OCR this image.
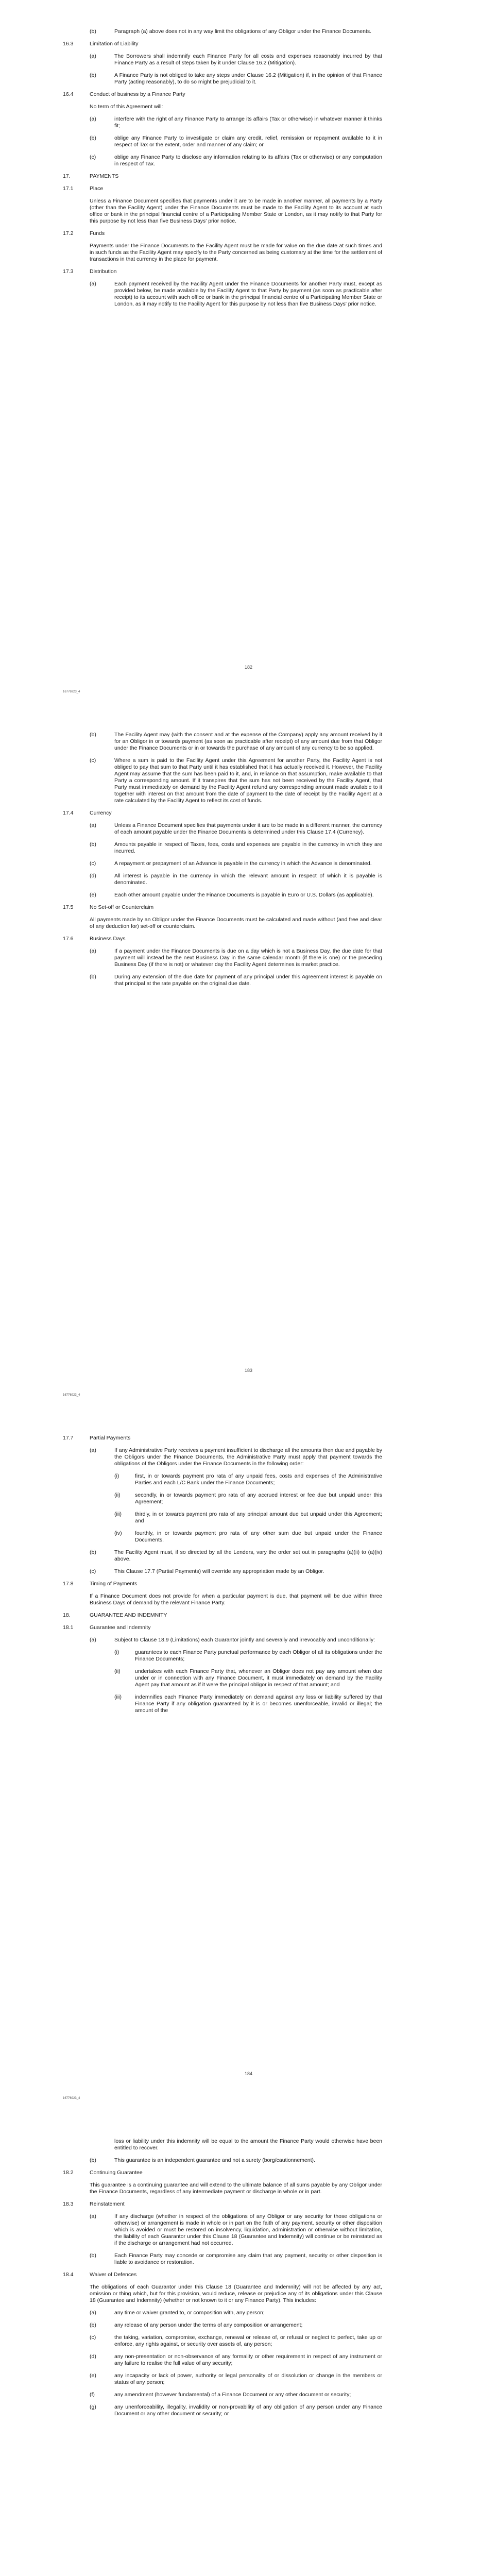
(b)	Paragraph (a) above does not in any way limit the obligations of any Obligor under the Finance Documents.
16.3	Limitation of Liability
(a)	The Borrowers shall indemnify each Finance Party for all costs and expenses reasonably incurred by that Finance Party as a result of steps taken by it under Clause 16.2 (Mitigation).
(b)	A Finance Party is not obliged to take any steps under Clause 16.2 (Mitigation) if, in the opinion of that Finance Party (acting reasonably), to do so might be prejudicial to it.
16.4	Conduct of business by a Finance Party
No term of this Agreement will:
(a)	interfere with the right of any Finance Party to arrange its affairs (Tax or otherwise) in whatever manner it thinks fit;
(b)	oblige any Finance Party to investigate or claim any credit, relief, remission or repayment available to it in respect of Tax or the extent, order and manner of any claim; or
(c)	oblige any Finance Party to disclose any information relating to its affairs (Tax or otherwise) or any computation in respect of Tax.
17.	PAYMENTS
17.1	Place
Unless a Finance Document specifies that payments under it are to be made in another manner, all payments by a Party (other than the Facility Agent) under the Finance Documents must be made to the Facility Agent to its account at such office or bank in the principal financial centre of a Participating Member State or London, as it may notify to that Party for this purpose by not less than five Business Days' prior notice.
17.2	Funds
Payments under the Finance Documents to the Facility Agent must be made for value on the due date at such times and in such funds as the Facility Agent may specify to the Party concerned as being customary at the time for the settlement of transactions in that currency in the place for payment.
17.3	Distribution
(a)	Each payment received by the Facility Agent under the Finance Documents for another Party must, except as provided below, be made available by the Facility Agent to that Party by payment (as soon as practicable after receipt) to its account with such office or bank in the principal financial centre of a Participating Member State or London, as it may notify to the Facility Agent for this purpose by not less than five Business Days' prior notice.
182
16776923_4
(b)	The Facility Agent may (with the consent and at the expense of the Company) apply any amount received by it for an Obligor in or towards payment (as soon as practicable after receipt) of any amount due from that Obligor under the Finance Documents or in or towards the purchase of any amount of any currency to be so applied.
(c)	Where a sum is paid to the Facility Agent under this Agreement for another Party, the Facility Agent is not obliged to pay that sum to that Party until it has established that it has actually received it. However, the Facility Agent may assume that the sum has been paid to it, and, in reliance on that assumption, make available to that Party a corresponding amount. If it transpires that the sum has not been received by the Facility Agent, that Party must immediately on demand by the Facility Agent refund any corresponding amount made available to it together with interest on that amount from the date of payment to the date of receipt by the Facility Agent at a rate calculated by the Facility Agent to reflect its cost of funds.
17.4	Currency
(a)	Unless a Finance Document specifies that payments under it are to be made in a different manner, the currency of each amount payable under the Finance Documents is determined under this Clause 17.4 (Currency).
(b)	Amounts payable in respect of Taxes, fees, costs and expenses are payable in the currency in which they are incurred.
(c)	A repayment or prepayment of an Advance is payable in the currency in which the Advance is denominated.
(d)	All interest is payable in the currency in which the relevant amount in respect of which it is payable is denominated.
(e)	Each other amount payable under the Finance Documents is payable in Euro or U.S. Dollars (as applicable).
17.5	No Set-off or Counterclaim
All payments made by an Obligor under the Finance Documents must be calculated and made without (and free and clear of any deduction for) set-off or counterclaim.
17.6	Business Days
(a)	If a payment under the Finance Documents is due on a day which is not a Business Day, the due date for that payment will instead be the next Business Day in the same calendar month (if there is one) or the preceding Business Day (if there is not) or whatever day the Facility Agent determines is market practice.
(b)	During any extension of the due date for payment of any principal under this Agreement interest is payable on that principal at the rate payable on the original due date.
183
16776923_4
17.7	Partial Payments
(a)	If any Administrative Party receives a payment insufficient to discharge all the amounts then due and payable by the Obligors under the Finance Documents, the Administrative Party must apply that payment towards the obligations of the Obligors under the Finance Documents in the following order:
(i)	first, in or towards payment pro rata of any unpaid fees, costs and expenses of the Administrative Parties and each L/C Bank under the Finance Documents;
(ii)	secondly, in or towards payment pro rata of any accrued interest or fee due but unpaid under this Agreement;
(iii)	thirdly, in or towards payment pro rata of any principal amount due but unpaid under this Agreement; and
(iv)	fourthly, in or towards payment pro rata of any other sum due but unpaid under the Finance Documents.
(b)	The Facility Agent must, if so directed by all the Lenders, vary the order set out in paragraphs (a)(ii) to (a)(iv) above.
(c)	This Clause 17.7 (Partial Payments) will override any appropriation made by an Obligor.
17.8	Timing of Payments
If a Finance Document does not provide for when a particular payment is due, that payment will be due within three Business Days of demand by the relevant Finance Party.
18.	GUARANTEE AND INDEMNITY
18.1	Guarantee and Indemnity
(a)	Subject to Clause 18.9 (Limitations) each Guarantor jointly and severally and irrevocably and unconditionally:
(i)	guarantees to each Finance Party punctual performance by each Obligor of all its obligations under the Finance Documents;
(ii)	undertakes with each Finance Party that, whenever an Obligor does not pay any amount when due under or in connection with any Finance Document, it must immediately on demand by the Facility Agent pay that amount as if it were the principal obligor in respect of that amount; and
(iii)	indemnifies each Finance Party immediately on demand against any loss or liability suffered by that Finance Party if any obligation guaranteed by it is or becomes unenforceable, invalid or illegal; the amount of the
184
16776923_4
loss or liability under this indemnity will be equal to the amount the Finance Party would otherwise have been entitled to recover.
(b)	This guarantee is an independent guarantee and not a surety (borg/cautionnement).
18.2	Continuing Guarantee
This guarantee is a continuing guarantee and will extend to the ultimate balance of all sums payable by any Obligor under the Finance Documents, regardless of any intermediate payment or discharge in whole or in part.
18.3	Reinstatement
(a)	If any discharge (whether in respect of the obligations of any Obligor or any security for those obligations or otherwise) or arrangement is made in whole or in part on the faith of any payment, security or other disposition which is avoided or must be restored on insolvency, liquidation, administration or otherwise without limitation, the liability of each Guarantor under this Clause 18 (Guarantee and Indemnity) will continue or be reinstated as if the discharge or arrangement had not occurred.
(b)	Each Finance Party may concede or compromise any claim that any payment, security or other disposition is liable to avoidance or restoration.
18.4	Waiver of Defences
The obligations of each Guarantor under this Clause 18 (Guarantee and Indemnity) will not be affected by any act, omission or thing which, but for this provision, would reduce, release or prejudice any of its obligations under this Clause 18 (Guarantee and Indemnity) (whether or not known to it or any Finance Party). This includes:
(a)	any time or waiver granted to, or composition with, any person;
(b)	any release of any person under the terms of any composition or arrangement;
(c)	the taking, variation, compromise, exchange, renewal or release of, or refusal or neglect to perfect, take up or enforce, any rights against, or security over assets of, any person;
(d)	any non-presentation or non-observance of any formality or other requirement in respect of any instrument or any failure to realise the full value of any security;
(e)	any incapacity or lack of power, authority or legal personality of or dissolution or change in the members or status of any person;
(f)	any amendment (however fundamental) of a Finance Document or any other document or security;
(g)	any unenforceability, illegality, invalidity or non-provability of any obligation of any person under any Finance Document or any other document or security; or
